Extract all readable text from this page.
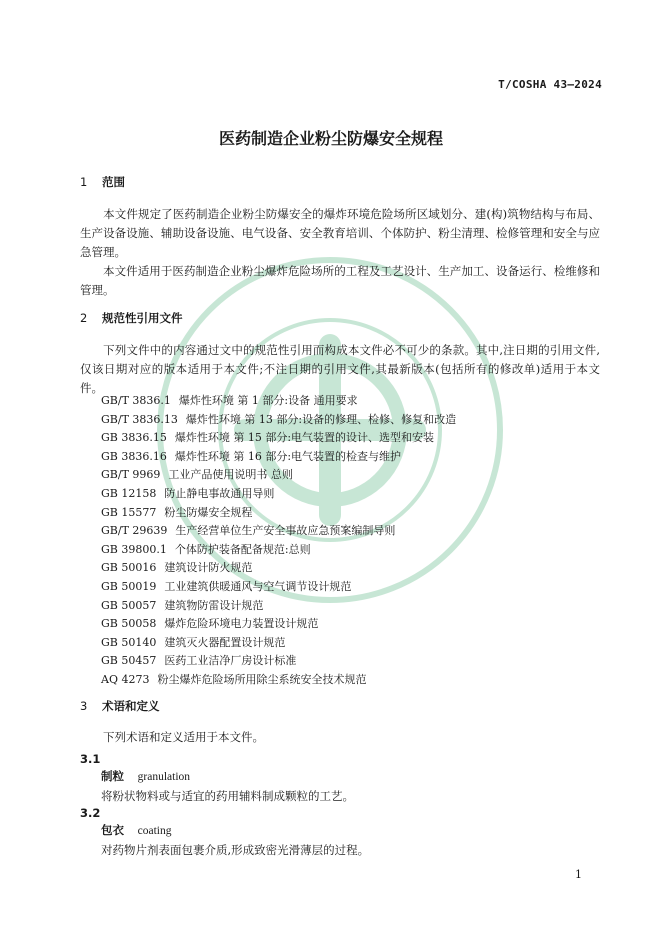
T/COSHA 43—2024
医药制造企业粉尘防爆安全规程
1 范围
本文件规定了医药制造企业粉尘防爆安全的爆炸环境危险场所区域划分、建(构)筑物结构与布局、生产设备设施、辅助设备设施、电气设备、安全教育培训、个体防护、粉尘清理、检修管理和安全与应急管理。
本文件适用于医药制造企业粉尘爆炸危险场所的工程及工艺设计、生产加工、设备运行、检维修和管理。
2 规范性引用文件
下列文件中的内容通过文中的规范性引用而构成本文件必不可少的条款。其中,注日期的引用文件,仅该日期对应的版本适用于本文件;不注日期的引用文件,其最新版本(包括所有的修改单)适用于本文件。
GB/T 3836.1 爆炸性环境 第 1 部分:设备 通用要求
GB/T 3836.13 爆炸性环境 第 13 部分:设备的修理、检修、修复和改造
GB 3836.15 爆炸性环境 第 15 部分:电气装置的设计、选型和安装
GB 3836.16 爆炸性环境 第 16 部分:电气装置的检查与维护
GB/T 9969 工业产品使用说明书 总则
GB 12158 防止静电事故通用导则
GB 15577 粉尘防爆安全规程
GB/T 29639 生产经营单位生产安全事故应急预案编制导则
GB 39800.1 个体防护装备配备规范:总则
GB 50016 建筑设计防火规范
GB 50019 工业建筑供暖通风与空气调节设计规范
GB 50057 建筑物防雷设计规范
GB 50058 爆炸危险环境电力装置设计规范
GB 50140 建筑灭火器配置设计规范
GB 50457 医药工业洁净厂房设计标准
AQ 4273 粉尘爆炸危险场所用除尘系统安全技术规范
3 术语和定义
下列术语和定义适用于本文件。
3.1
制粒 granulation
将粉状物料或与适宜的药用辅料制成颗粒的工艺。
3.2
包衣 coating
对药物片剂表面包裹介质,形成致密光滑薄层的过程。
1
